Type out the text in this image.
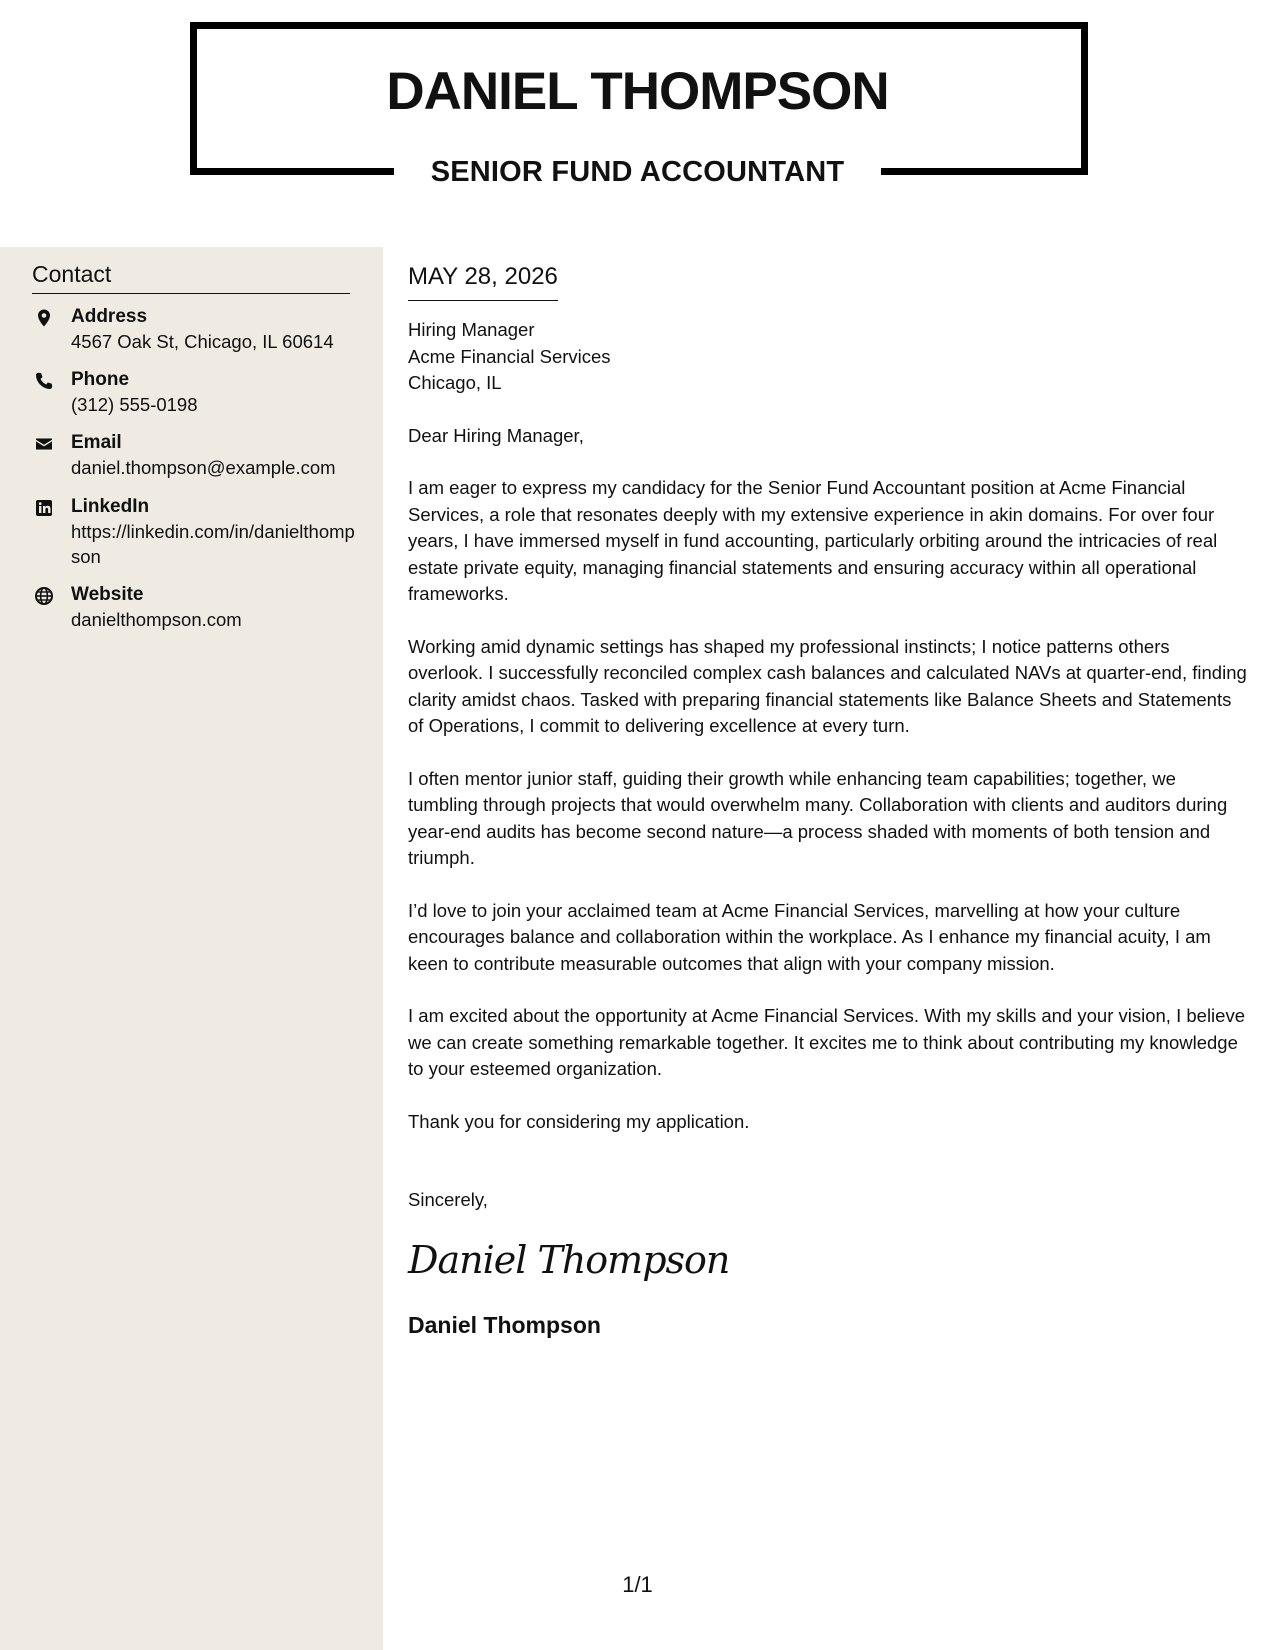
DANIEL THOMPSON
SENIOR FUND ACCOUNTANT
Contact
Address
4567 Oak St, Chicago, IL 60614
Phone
(312) 555-0198
Email
daniel.thompson@example.com
LinkedIn
https://linkedin.com/in/danielthompson
Website
danielthompson.com
MAY 28, 2026
Hiring Manager
Acme Financial Services
Chicago, IL
Dear Hiring Manager,
I am eager to express my candidacy for the Senior Fund Accountant position at Acme Financial Services, a role that resonates deeply with my extensive experience in akin domains. For over four years, I have immersed myself in fund accounting, particularly orbiting around the intricacies of real estate private equity, managing financial statements and ensuring accuracy within all operational frameworks.
Working amid dynamic settings has shaped my professional instincts; I notice patterns others overlook. I successfully reconciled complex cash balances and calculated NAVs at quarter-end, finding clarity amidst chaos. Tasked with preparing financial statements like Balance Sheets and Statements of Operations, I commit to delivering excellence at every turn.
I often mentor junior staff, guiding their growth while enhancing team capabilities; together, we tumbling through projects that would overwhelm many. Collaboration with clients and auditors during year-end audits has become second nature—a process shaded with moments of both tension and triumph.
I’d love to join your acclaimed team at Acme Financial Services, marvelling at how your culture encourages balance and collaboration within the workplace. As I enhance my financial acuity, I am keen to contribute measurable outcomes that align with your company mission.
I am excited about the opportunity at Acme Financial Services. With my skills and your vision, I believe we can create something remarkable together. It excites me to think about contributing my knowledge to your esteemed organization.
Thank you for considering my application.
Sincerely,
Daniel Thompson
Daniel Thompson
1/1
